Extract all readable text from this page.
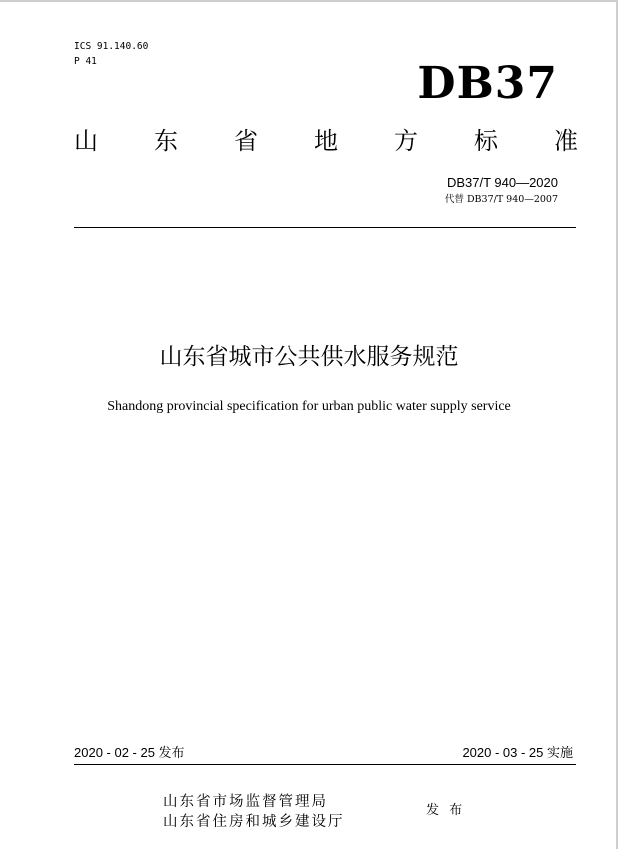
ICS 91.140.60
P 41	DB37
山 东 省 地 方 标 准
DB37/T 940—2020
代替 DB37/T 940—2007
山东省城市公共供水服务规范
Shandong provincial specification for urban public water supply service
2020 - 02 - 25 发布	2020 - 03 - 25 实施
山东省市场监督管理局
山东省住房和城乡建设厅
发 布
